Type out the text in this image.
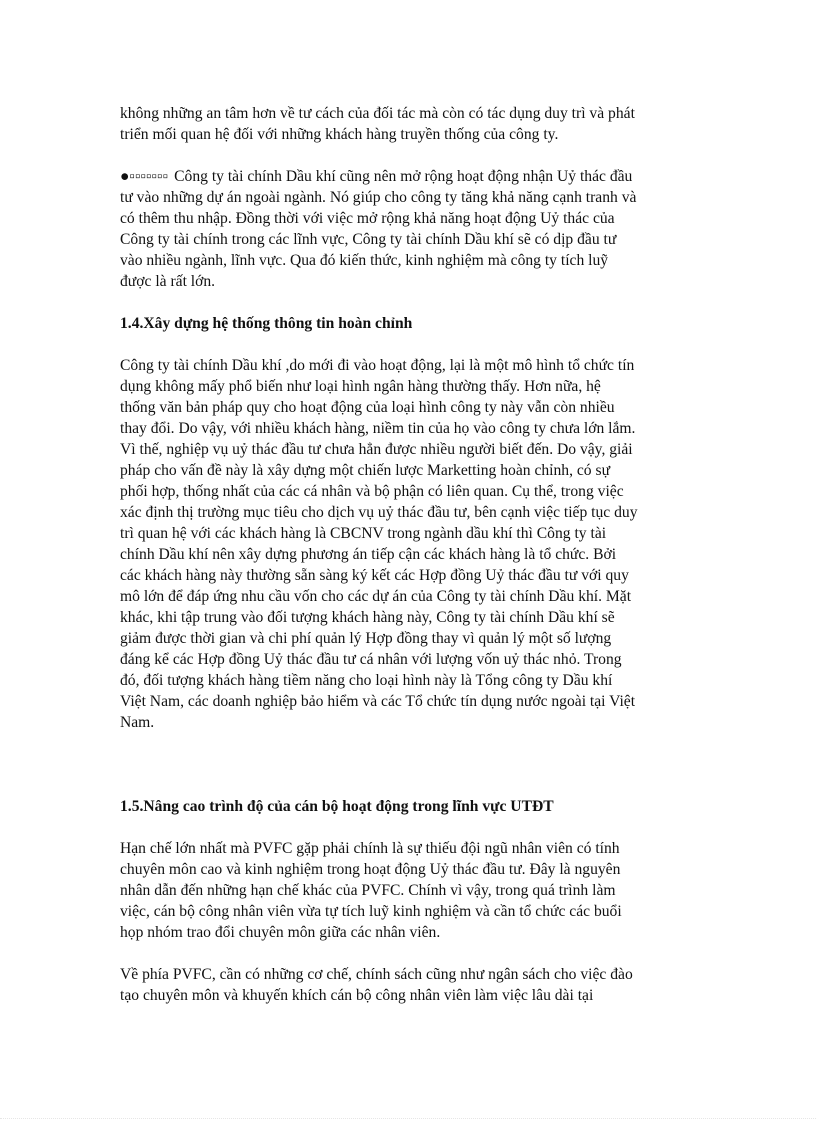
không những an tâm hơn về tư cách của đối tác mà còn có tác dụng duy trì và phát
triển mối quan hệ đối với những khách hàng truyền thống của công ty.

●▫▫▫▫▫▫▫ Công ty tài chính Dầu khí cũng nên mở rộng hoạt động nhận Uỷ thác đầu
tư vào những dự án ngoài ngành. Nó giúp cho công ty tăng khả năng cạnh tranh và
có thêm thu nhập. Đồng thời với việc mở rộng khả năng hoạt động Uỷ thác của
Công ty tài chính trong các lĩnh vực, Công ty tài chính Dầu khí sẽ có dịp đầu tư
vào nhiều ngành, lĩnh vực. Qua đó kiến thức, kinh nghiệm mà công ty tích luỹ
được là rất lớn.

1.4.Xây dựng hệ thống thông tin hoàn chỉnh

Công ty tài chính Dầu khí ,do mới đi vào hoạt động, lại là một mô hình tổ chức tín
dụng không mấy phổ biến như loại hình ngân hàng thường thấy. Hơn nữa, hệ
thống văn bản pháp quy cho hoạt động của loại hình công ty này vẫn còn nhiều
thay đổi. Do vậy, với nhiều khách hàng, niềm tin của họ vào công ty chưa lớn lắm.
Vì thế, nghiệp vụ uỷ thác đầu tư chưa hẳn được nhiều người biết đến. Do vậy, giải
pháp cho vấn đề này là xây dựng một chiến lược Marketting hoàn chỉnh, có sự
phối hợp, thống nhất của các cá nhân và bộ phận có liên quan. Cụ thể, trong việc
xác định thị trường mục tiêu cho dịch vụ uỷ thác đầu tư, bên cạnh việc tiếp tục duy
trì quan hệ với các khách hàng là CBCNV trong ngành dầu khí thì Công ty tài
chính Dầu khí nên xây dựng phương án tiếp cận các khách hàng là tổ chức. Bởi
các khách hàng này thường sẵn sàng ký kết các Hợp đồng Uỷ thác đầu tư với quy
mô lớn để đáp ứng nhu cầu vốn cho các dự án của Công ty tài chính Dầu khí. Mặt
khác, khi tập trung vào đối tượng khách hàng này, Công ty tài chính Dầu khí sẽ
giảm được thời gian và chi phí quản lý Hợp đồng thay vì quản lý một số lượng
đáng kể các Hợp đồng Uỷ thác đầu tư cá nhân với lượng vốn uỷ thác nhỏ. Trong
đó, đối tượng khách hàng tiềm năng cho loại hình này là Tổng công ty Dầu khí
Việt Nam, các doanh nghiệp bảo hiểm và các Tổ chức tín dụng nước ngoài tại Việt
Nam.

1.5.Nâng cao trình độ của cán bộ hoạt động trong lĩnh vực UTĐT

Hạn chế lớn nhất mà PVFC gặp phải chính là sự thiếu đội ngũ nhân viên có tính
chuyên môn cao và kinh nghiệm trong hoạt động Uỷ thác đầu tư. Đây là nguyên
nhân dẫn đến những hạn chế khác của PVFC. Chính vì vậy, trong quá trình làm
việc, cán bộ công nhân viên vừa tự tích luỹ kinh nghiệm và cần tổ chức các buổi
họp nhóm trao đổi chuyên môn giữa các nhân viên.

Về phía PVFC, cần có những cơ chế, chính sách cũng như ngân sách cho việc đào
tạo chuyên môn và khuyến khích cán bộ công nhân viên làm việc lâu dài tại
